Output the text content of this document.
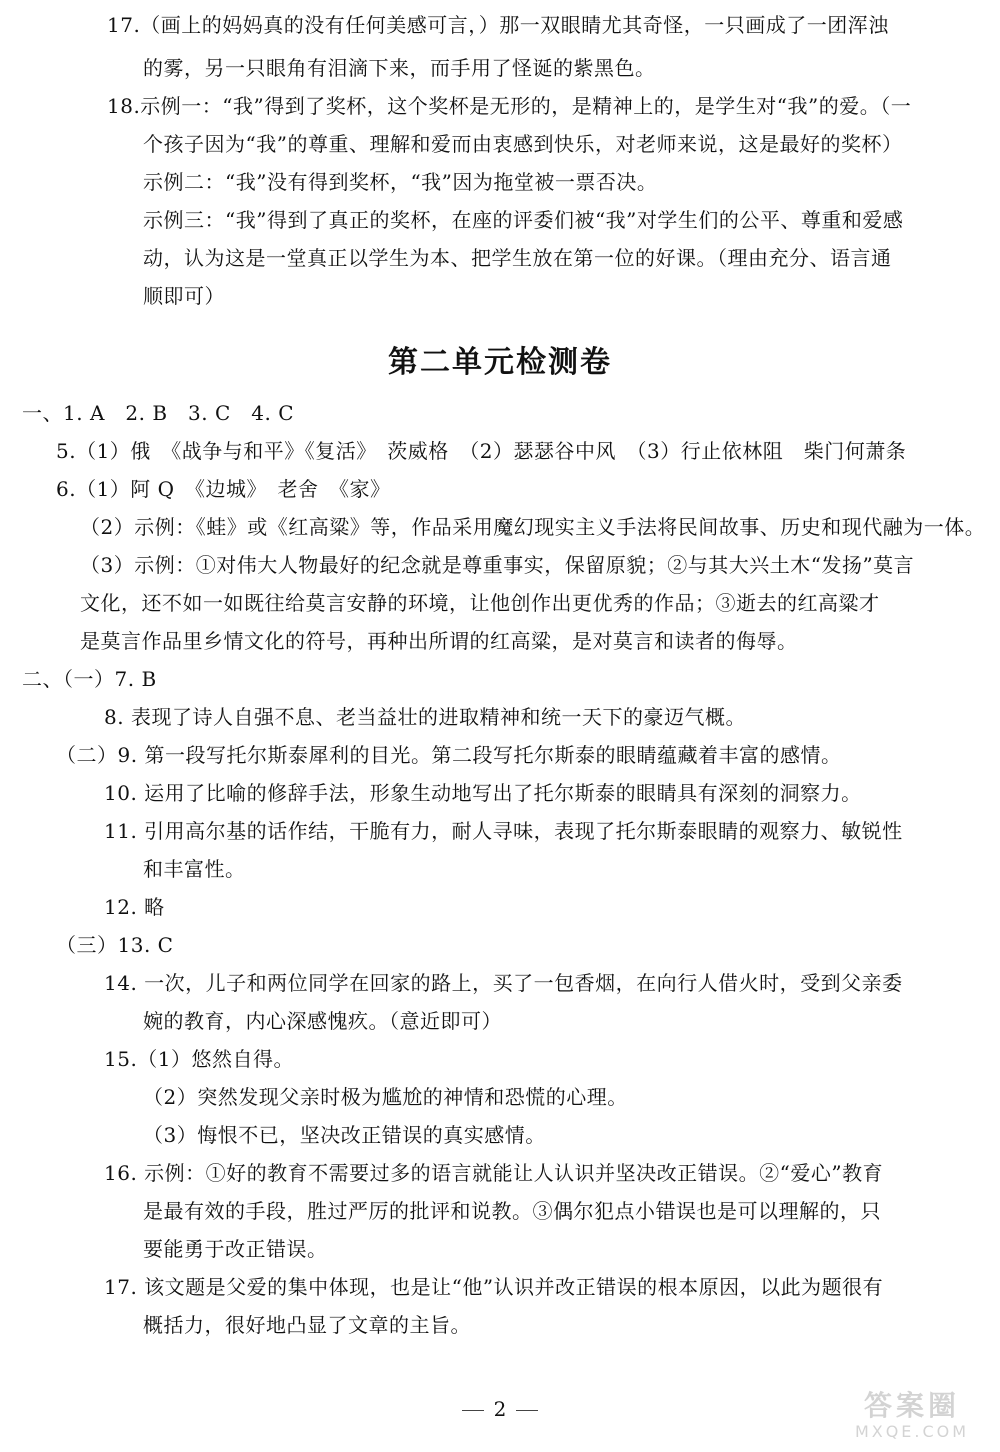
17.（画上的妈妈真的没有任何美感可言，）那一双眼睛尤其奇怪，一只画成了一团浑浊
的雾，另一只眼角有泪滴下来，而手用了怪诞的紫黑色。
18.示例一：“我”得到了奖杯，这个奖杯是无形的，是精神上的，是学生对“我”的爱。（一
个孩子因为“我”的尊重、理解和爱而由衷感到快乐，对老师来说，这是最好的奖杯）
示例二：“我”没有得到奖杯，“我”因为拖堂被一票否决。
示例三：“我”得到了真正的奖杯，在座的评委们被“我”对学生们的公平、尊重和爱感
动，认为这是一堂真正以学生为本、把学生放在第一位的好课。（理由充分、语言通
顺即可）
第二单元检测卷
一、1. A　2. B　3. C　4. C
5.（1）俄　《战争与和平》《复活》　茨威格　（2）瑟瑟谷中风　（3）行止依林阻　柴门何萧条
6.（1）阿 Q　《边城》　老舍　《家》
（2）示例：《蛙》或《红高粱》等，作品采用魔幻现实主义手法将民间故事、历史和现代融为一体。
（3）示例：①对伟大人物最好的纪念就是尊重事实，保留原貌；②与其大兴土木“发扬”莫言
文化，还不如一如既往给莫言安静的环境，让他创作出更优秀的作品；③逝去的红高粱才
是莫言作品里乡情文化的符号，再种出所谓的红高粱，是对莫言和读者的侮辱。
二、（一）7. B
8. 表现了诗人自强不息、老当益壮的进取精神和统一天下的豪迈气概。
（二）9. 第一段写托尔斯泰犀利的目光。第二段写托尔斯泰的眼睛蕴藏着丰富的感情。
10. 运用了比喻的修辞手法，形象生动地写出了托尔斯泰的眼睛具有深刻的洞察力。
11. 引用高尔基的话作结，干脆有力，耐人寻味，表现了托尔斯泰眼睛的观察力、敏锐性
和丰富性。
12. 略
（三）13. C
14. 一次，儿子和两位同学在回家的路上，买了一包香烟，在向行人借火时，受到父亲委
婉的教育，内心深感愧疚。（意近即可）
15.（1）悠然自得。
（2）突然发现父亲时极为尴尬的神情和恐慌的心理。
（3）悔恨不已，坚决改正错误的真实感情。
16. 示例：①好的教育不需要过多的语言就能让人认识并坚决改正错误。②“爱心”教育
是最有效的手段，胜过严厉的批评和说教。③偶尔犯点小错误也是可以理解的，只
要能勇于改正错误。
17. 该文题是父爱的集中体现，也是让“他”认识并改正错误的根本原因，以此为题很有
概括力，很好地凸显了文章的主旨。
2	答案圈
MXQE.COM
